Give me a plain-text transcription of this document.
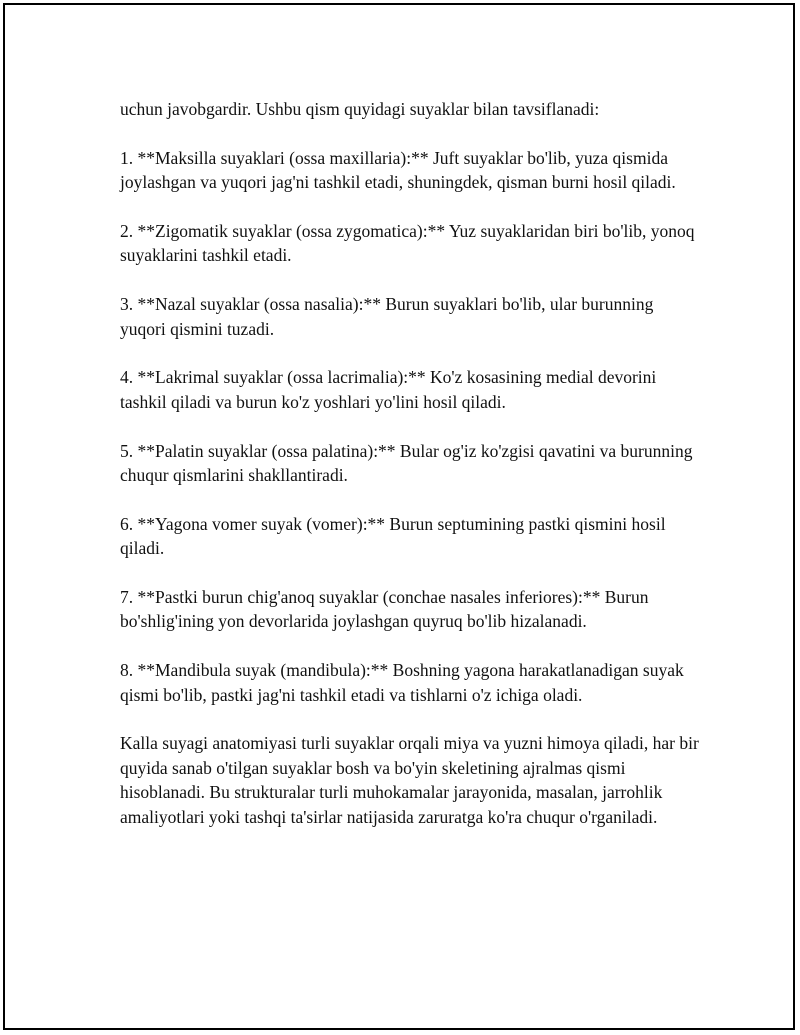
uchun javobgardir. Ushbu qism quyidagi suyaklar bilan tavsiflanadi:

1. **Maksilla suyaklari (ossa maxillaria):** Juft suyaklar bo'lib, yuza qismida joylashgan va yuqori jag'ni tashkil etadi, shuningdek, qisman burni hosil qiladi.

2. **Zigomatik suyaklar (ossa zygomatica):** Yuz suyaklaridan biri bo'lib, yonoq suyaklarini tashkil etadi.

3. **Nazal suyaklar (ossa nasalia):** Burun suyaklari bo'lib, ular burunning yuqori qismini tuzadi.

4. **Lakrimal suyaklar (ossa lacrimalia):** Ko'z kosasining medial devorini tashkil qiladi va burun ko'z yoshlari yo'lini hosil qiladi.

5. **Palatin suyaklar (ossa palatina):** Bular og'iz ko'zgisi qavatini va burunning chuqur qismlarini shakllantiradi.

6. **Yagona vomer suyak (vomer):** Burun septumining pastki qismini hosil qiladi.

7. **Pastki burun chig'anoq suyaklar (conchae nasales inferiores):** Burun bo'shlig'ining yon devorlarida joylashgan quyruq bo'lib hizalanadi.

8. **Mandibula suyak (mandibula):** Boshning yagona harakatlanadigan suyak qismi bo'lib, pastki jag'ni tashkil etadi va tishlarni o'z ichiga oladi.

Kalla suyagi anatomiyasi turli suyaklar orqali miya va yuzni himoya qiladi, har bir quyida sanab o'tilgan suyaklar bosh va bo'yin skeletining ajralmas qismi hisoblanadi. Bu strukturalar turli muhokamalar jarayonida, masalan, jarrohlik amaliyotlari yoki tashqi ta'sirlar natijasida zaruratga ko'ra chuqur o'rganiladi.
